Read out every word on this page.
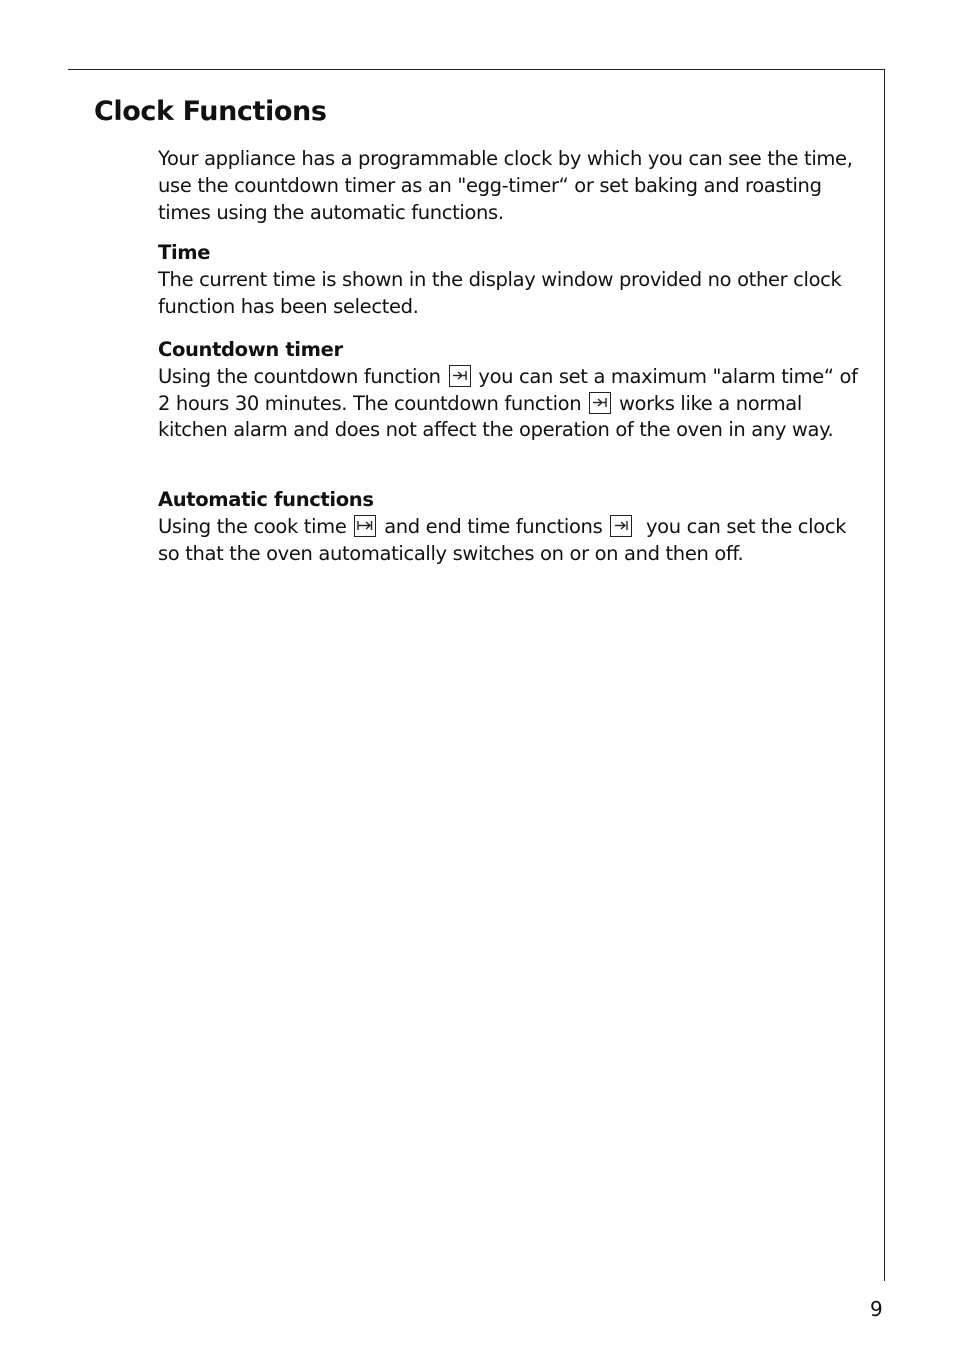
Clock Functions

Your appliance has a programmable clock by which you can see the time, use the countdown timer as an "egg-timer“ or set baking and roasting times using the automatic functions.

Time

The current time is shown in the display window provided no other clock function has been selected.

Countdown timer

Using the countdown function you can set a maximum "alarm time“ of 2 hours 30 minutes. The countdown function works like a normal kitchen alarm and does not affect the operation of the oven in any way.

Automatic functions

Using the cook time and end time functions you can set the clock so that the oven automatically switches on or on and then off.

9
